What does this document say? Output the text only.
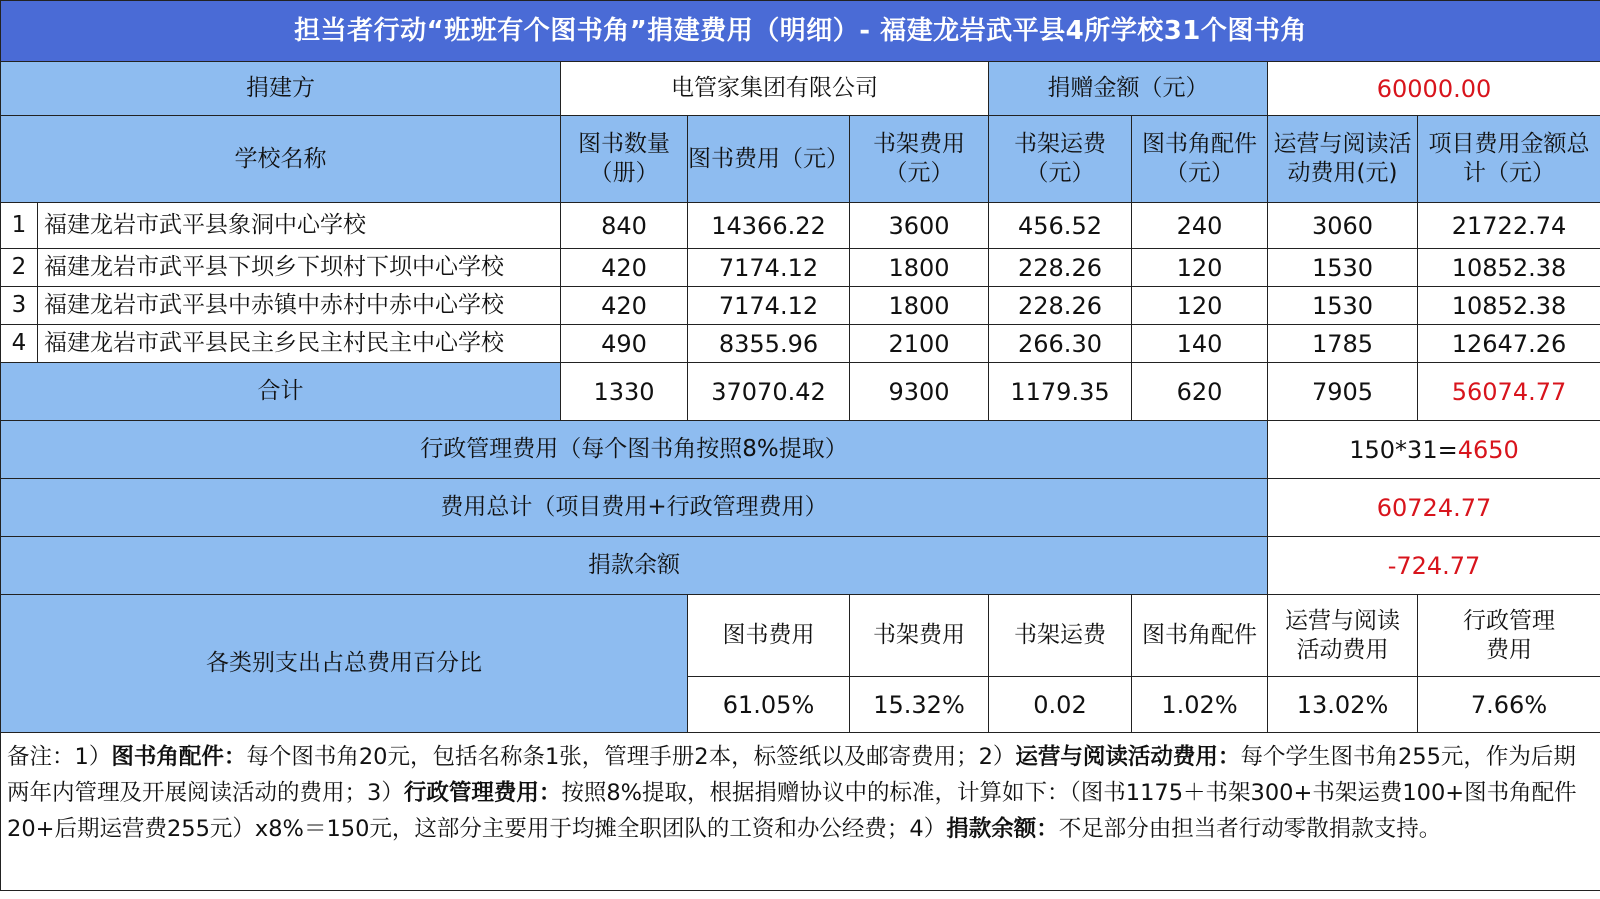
担当者行动“班班有个图书角”捐建费用（明细）- 福建龙岩武平县4所学校31个图书角								
捐建方		电管家集团有限公司			捐赠金额（元）		60000.00	
学校名称		图书数量（册）	图书费用（元）	书架费用（元）	书架运费（元）	图书角配件（元）	运营与阅读活动费用(元)	项目费用金额总计（元）
1	福建龙岩市武平县象洞中心学校	840	14366.22	3600	456.52	240	3060	21722.74
2	福建龙岩市武平县下坝乡下坝村下坝中心学校	420	7174.12	1800	228.26	120	1530	10852.38
3	福建龙岩市武平县中赤镇中赤村中赤中心学校	420	7174.12	1800	228.26	120	1530	10852.38
4	福建龙岩市武平县民主乡民主村民主中心学校	490	8355.96	2100	266.30	140	1785	12647.26
合计		1330	37070.42	9300	1179.35	620	7905	56074.77
行政管理费用（每个图书角按照8%提取）							150*31=4650	
费用总计（项目费用+行政管理费用）							60724.77	
捐款余额							-724.77	
各类别支出占总费用百分比			图书费用	书架费用	书架运费	图书角配件	运营与阅读活动费用	行政管理费用
			61.05%	15.32%	0.02	1.02%	13.02%	7.66%
备注：1）图书角配件：每个图书角20元，包括名称条1张，管理手册2本，标签纸以及邮寄费用；2）运营与阅读活动费用：每个学生图书角255元，作为后期两年内管理及开展阅读活动的费用；3）行政管理费用：按照8%提取，根据捐赠协议中的标准，计算如下：（图书1175＋书架300+书架运费100+图书角配件20+后期运营费255元）x8%＝150元，这部分主要用于均摊全职团队的工资和办公经费；4）捐款余额：不足部分由担当者行动零散捐款支持。								
